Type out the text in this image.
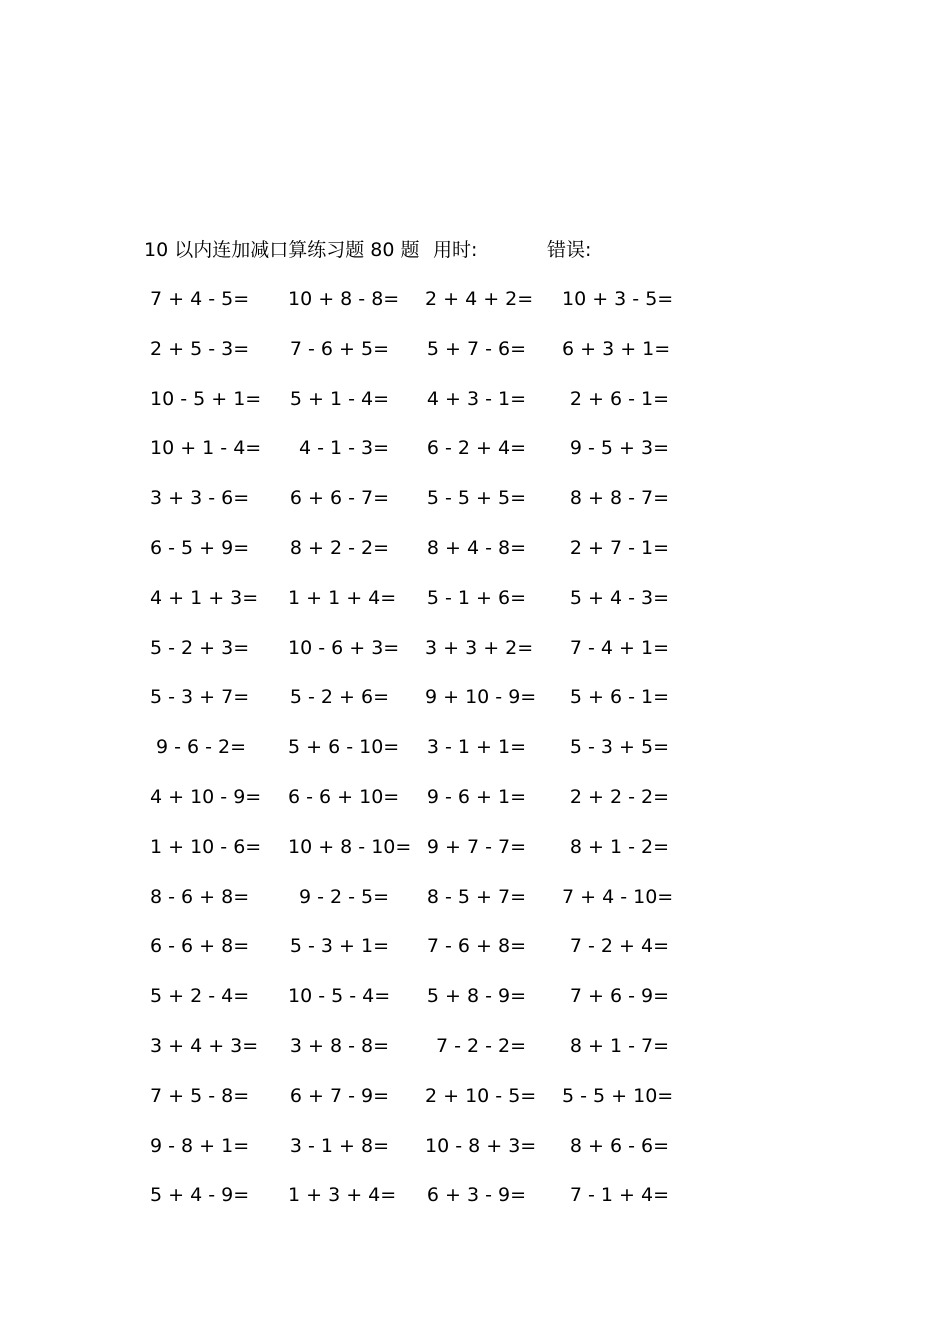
10 以内连加减口算练习题 80 题 用时:	错误:
7 + 4 - 5= 10 + 8 - 8= 2 + 4 + 2= 10 + 3 - 5=
2 + 5 - 3= 7 - 6 + 5= 5 + 7 - 6= 6 + 3 + 1=
10 - 5 + 1= 5 + 1 - 4= 4 + 3 - 1= 2 + 6 - 1=
10 + 1 - 4= 4 - 1 - 3= 6 - 2 + 4= 9 - 5 + 3=
3 + 3 - 6= 6 + 6 - 7= 5 - 5 + 5= 8 + 8 - 7=
6 - 5 + 9= 8 + 2 - 2= 8 + 4 - 8= 2 + 7 - 1=
4 + 1 + 3= 1 + 1 + 4= 5 - 1 + 6= 5 + 4 - 3=
5 - 2 + 3= 10 - 6 + 3= 3 + 3 + 2= 7 - 4 + 1=
5 - 3 + 7= 5 - 2 + 6= 9 + 10 - 9= 5 + 6 - 1=
9 - 6 - 2= 5 + 6 - 10= 3 - 1 + 1= 5 - 3 + 5=
4 + 10 - 9= 6 - 6 + 10= 9 - 6 + 1= 2 + 2 - 2=
1 + 10 - 6= 10 + 8 - 10= 9 + 7 - 7= 8 + 1 - 2=
8 - 6 + 8=	9 - 2 - 5= 8 - 5 + 7= 7 + 4 - 10=
6 - 6 + 8= 5 - 3 + 1= 7 - 6 + 8= 7 - 2 + 4=
5 + 2 - 4= 10 - 5 - 4= 5 + 8 - 9= 7 + 6 - 9=
3 + 4 + 3= 3 + 8 - 8= 7 - 2 - 2= 8 + 1 - 7=
7 + 5 - 8= 6 + 7 - 9= 2 + 10 - 5= 5 - 5 + 10=
9 - 8 + 1= 3 - 1 + 8= 10 - 8 + 3= 8 + 6 - 6=
5 + 4 - 9= 1 + 3 + 4= 6 + 3 - 9= 7 - 1 + 4=
